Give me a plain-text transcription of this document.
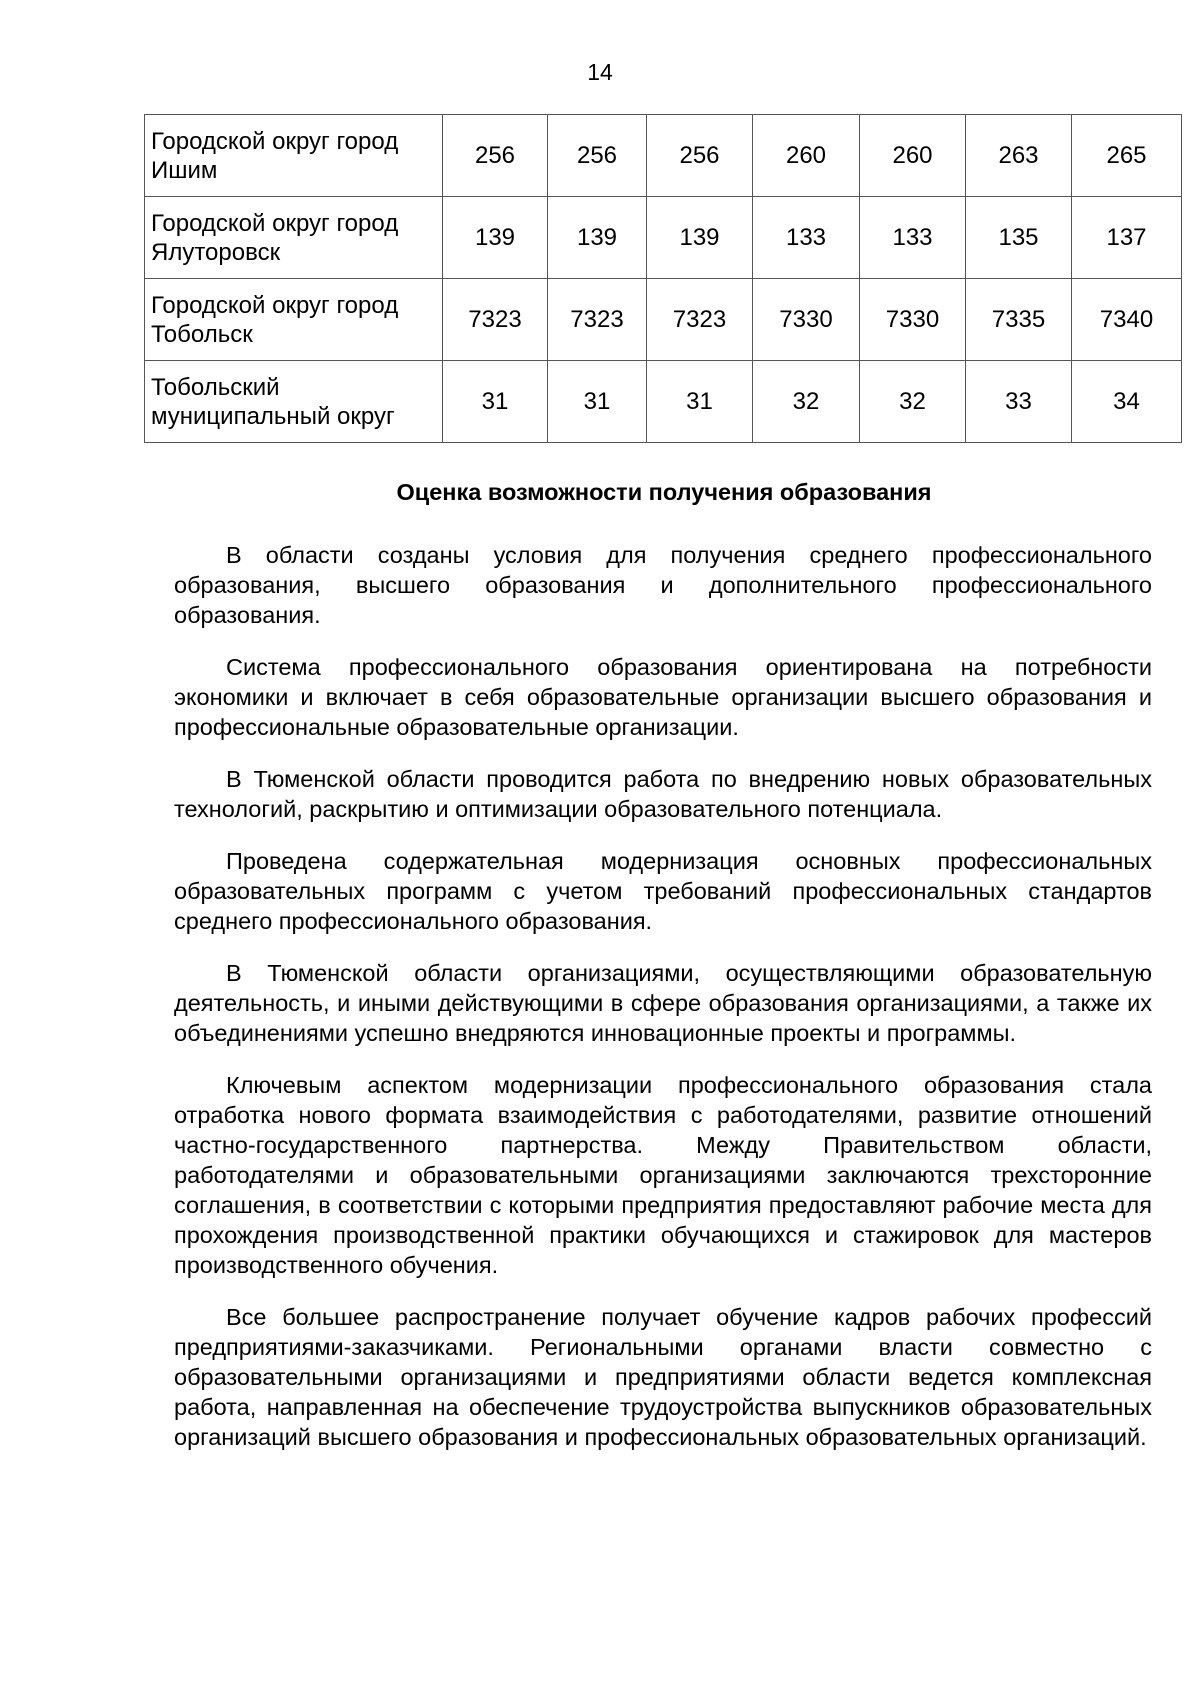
14
Городской округ город Ишим	256	256	256	260	260	263	265
Городской округ город Ялуторовск	139	139	139	133	133	135	137
Городской округ город Тобольск	7323	7323	7323	7330	7330	7335	7340
Тобольский муниципальный округ	31	31	31	32	32	33	34
Оценка возможности получения образования

В области созданы условия для получения среднего профессионального образования, высшего образования и дополнительного профессионального образования.

Система профессионального образования ориентирована на потребности экономики и включает в себя образовательные организации высшего образования и профессиональные образовательные организации.

В Тюменской области проводится работа по внедрению новых образовательных технологий, раскрытию и оптимизации образовательного потенциала.

Проведена содержательная модернизация основных профессиональных образовательных программ с учетом требований профессиональных стандартов среднего профессионального образования.

В Тюменской области организациями, осуществляющими образовательную деятельность, и иными действующими в сфере образования организациями, а также их объединениями успешно внедряются инновационные проекты и программы.

Ключевым аспектом модернизации профессионального образования стала отработка нового формата взаимодействия с работодателями, развитие отношений частно-государственного партнерства. Между Правительством области, работодателями и образовательными организациями заключаются трехсторонние соглашения, в соответствии с которыми предприятия предоставляют рабочие места для прохождения производственной практики обучающихся и стажировок для мастеров производственного обучения.

Все большее распространение получает обучение кадров рабочих профессий предприятиями-заказчиками. Региональными органами власти совместно с образовательными организациями и предприятиями области ведется комплексная работа, направленная на обеспечение трудоустройства выпускников образовательных организаций высшего образования и профессиональных образовательных организаций.
